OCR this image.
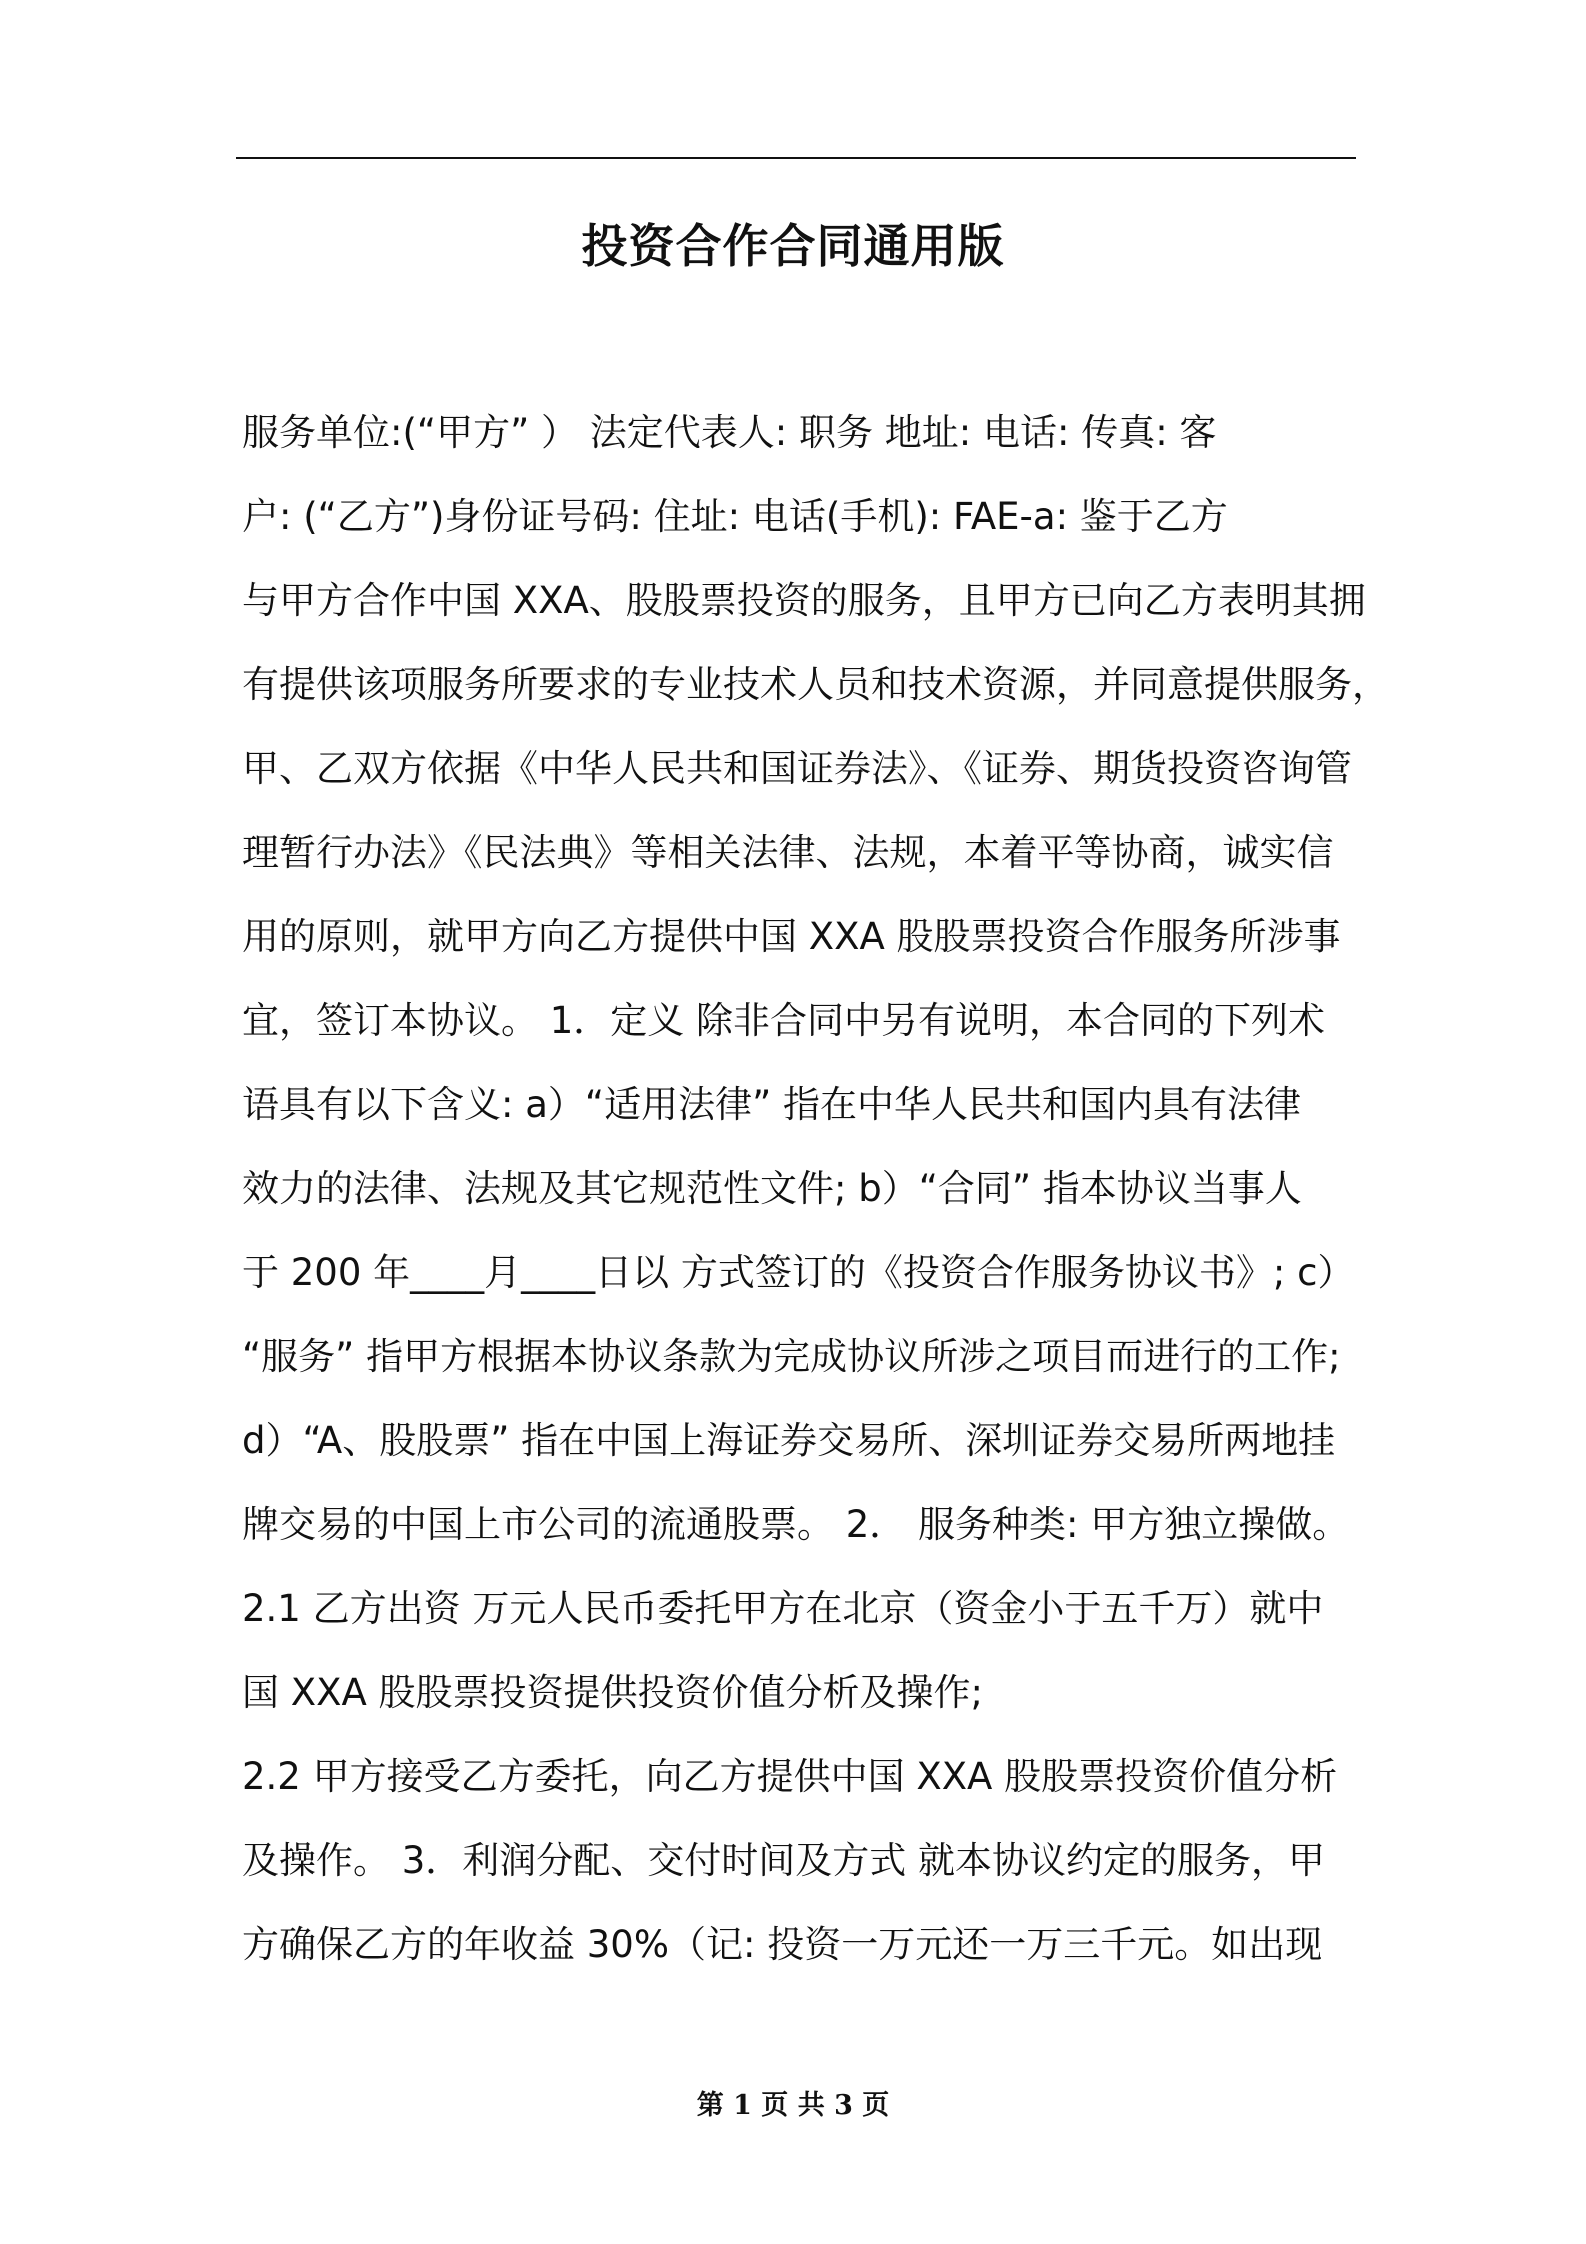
投资合作合同通用版
服务单位:(“甲方” ） 法定代表人: 职务 地址: 电话: 传真: 客
户: (“乙方”)身份证号码: 住址: 电话(手机): FAE-a: 鉴于乙方
与甲方合作中国 XXA、股股票投资的服务，且甲方已向乙方表明其拥
有提供该项服务所要求的专业技术人员和技术资源，并同意提供服务，
甲、乙双方依据《中华人民共和国证券法》、《证券、期货投资咨询管
理暂行办法》《民法典》等相关法律、法规，本着平等协商，诚实信
用的原则，就甲方向乙方提供中国 XXA 股股票投资合作服务所涉事
宜，签订本协议。 1．定义 除非合同中另有说明，本合同的下列术
语具有以下含义: a）“适用法律” 指在中华人民共和国内具有法律
效力的法律、法规及其它规范性文件; b）“合同” 指本协议当事人
于 200 年____月____日以 方式签订的《投资合作服务协议书》; c）
“服务” 指甲方根据本协议条款为完成协议所涉之项目而进行的工作;
d）“A、股股票” 指在中国上海证券交易所、深圳证券交易所两地挂
牌交易的中国上市公司的流通股票。 2． 服务种类: 甲方独立操做。
2.1 乙方出资 万元人民币委托甲方在北京（资金小于五千万）就中
国 XXA 股股票投资提供投资价值分析及操作;
2.2 甲方接受乙方委托，向乙方提供中国 XXA 股股票投资价值分析
及操作。 3．利润分配、交付时间及方式 就本协议约定的服务，甲
方确保乙方的年收益 30%（记: 投资一万元还一万三千元。如出现
第 1 页 共 3 页
